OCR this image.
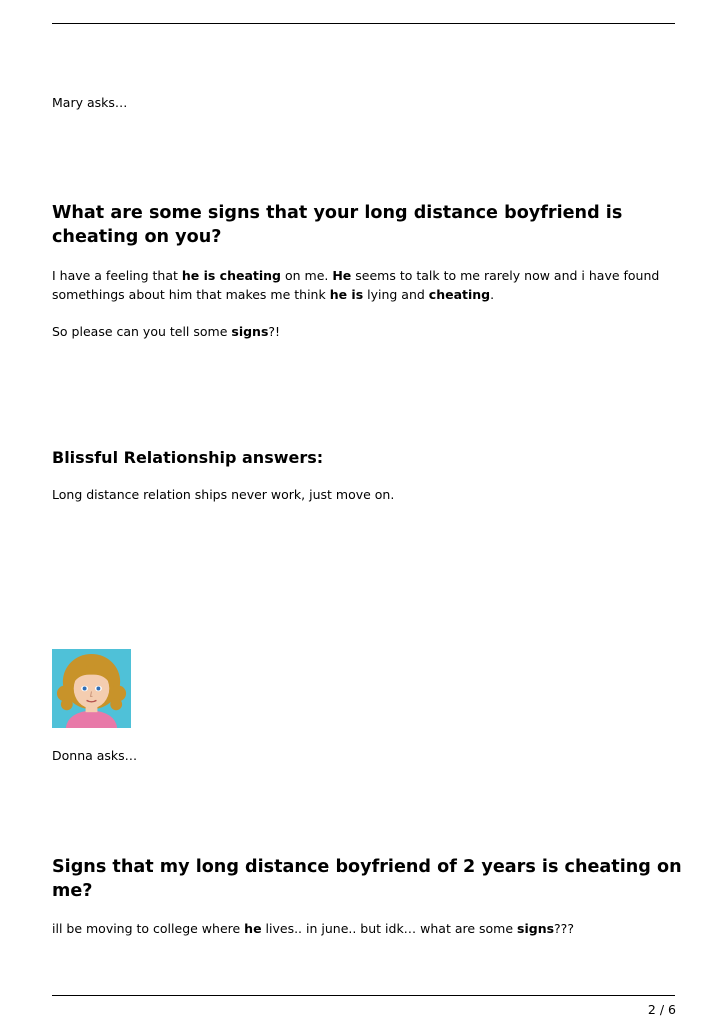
Mary asks…

What are some signs that your long distance boyfriend is cheating on you?

I have a feeling that he is cheating on me. He seems to talk to me rarely now and i have found

somethings about him that makes me think he is lying and cheating.

So please can you tell some signs?!

Blissful Relationship answers:

Long distance relation ships never work, just move on.

Donna asks…

Signs that my long distance boyfriend of 2 years is cheating on me?

ill be moving to college where he lives.. in june.. but idk… what are some signs???

2 / 6
